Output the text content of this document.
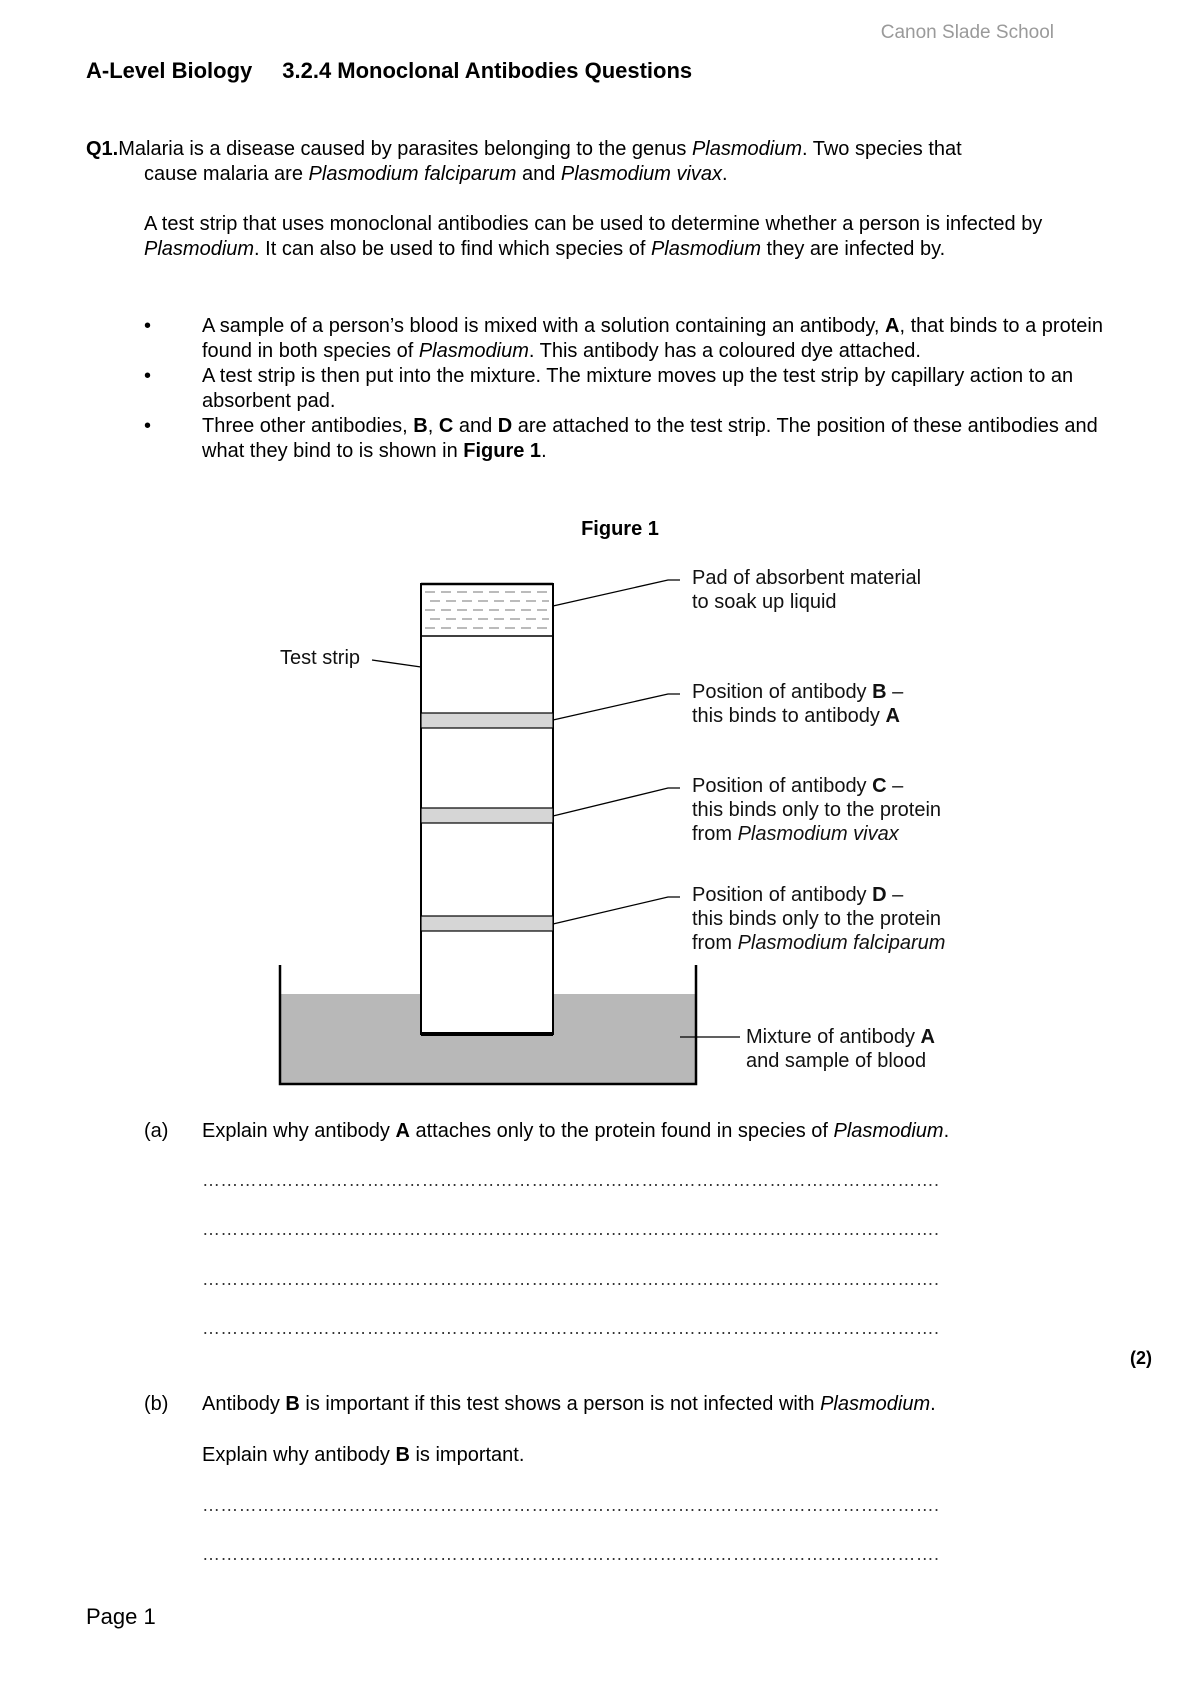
Canon Slade School
A-Level Biology 3.2.4 Monoclonal Antibodies Questions
Q1.Malaria is a disease caused by parasites belonging to the genus Plasmodium. Two species that
cause malaria are Plasmodium falciparum and Plasmodium vivax.
A test strip that uses monoclonal antibodies can be used to determine whether a person is infected by Plasmodium. It can also be used to find which species of Plasmodium they are infected by.
•	A sample of a person’s blood is mixed with a solution containing an antibody, A, that binds to a protein found in both species of Plasmodium. This antibody has a coloured dye attached.
•	A test strip is then put into the mixture. The mixture moves up the test strip by capillary action to an absorbent pad.
•	Three other antibodies, B, C and D are attached to the test strip. The position of these antibodies and what they bind to is shown in Figure 1.
Figure 1
Test strip
Pad of absorbent material
to soak up liquid
Position of antibody B –
this binds to antibody A
Position of antibody C –
this binds only to the protein
from Plasmodium vivax
Position of antibody D –
this binds only to the protein
from Plasmodium falciparum
Mixture of antibody A
and sample of blood
(a) Explain why antibody A attaches only to the protein found in species of Plasmodium.
………………………………………………………………………………………………………….
………………………………………………………………………………………………………….
………………………………………………………………………………………………………….
………………………………………………………………………………………………………….
(2)
(b) Antibody B is important if this test shows a person is not infected with Plasmodium.
Explain why antibody B is important.
………………………………………………………………………………………………………….
………………………………………………………………………………………………………….
Page 1
